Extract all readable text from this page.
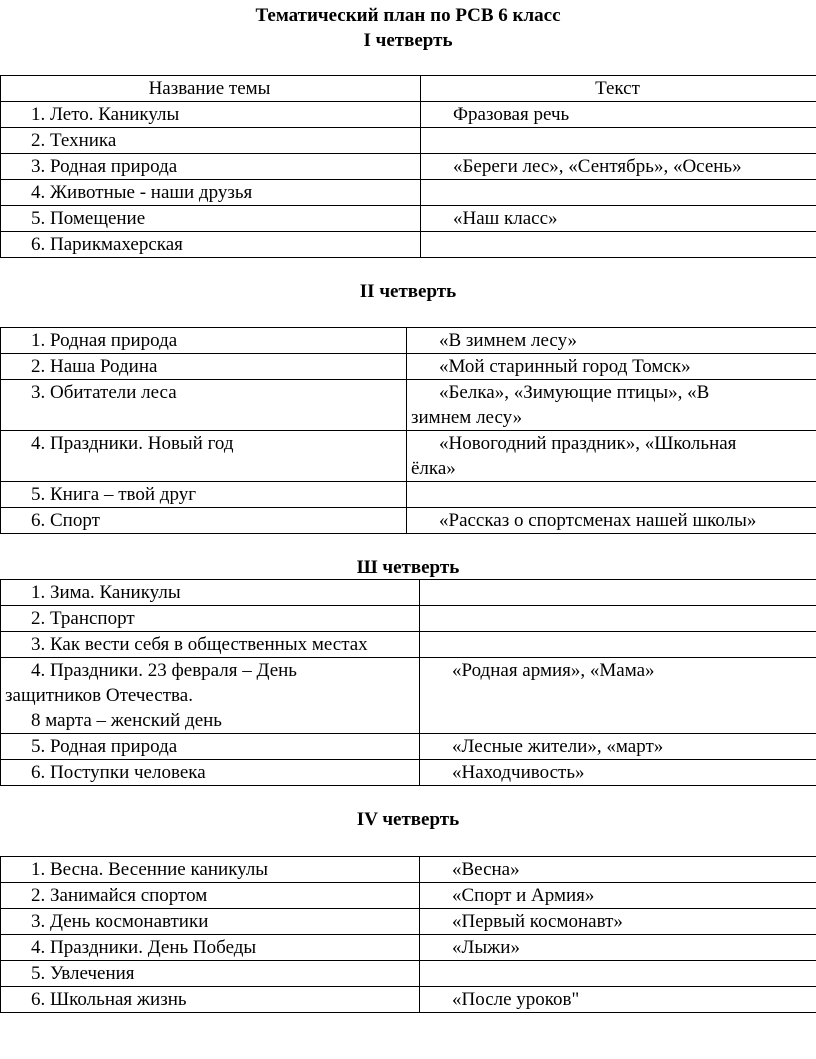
Тематический план по РСВ 6 класс
I четверть
Название темы	Текст
1. Лето. Каникулы	Фразовая речь
2. Техника	
3. Родная природа	«Береги лес», «Сентябрь», «Осень»
4. Животные - наши друзья	
5. Помещение	«Наш класс»
6. Парикмахерская	
II четверть
1. Родная природа	«В зимнем лесу»
2. Наша Родина	«Мой старинный город Томск»
3. Обитатели леса	«Белка», «Зимующие птицы», «В
зимнем лесу»
4. Праздники. Новый год	«Новогодний праздник», «Школьная
ёлка»
5. Книга – твой друг	
6. Спорт	«Рассказ о спортсменах нашей школы»
Ш четверть
1. Зима. Каникулы	
2. Транспорт	
3. Как вести себя в общественных местах	

4. Праздники. 23 февраля – День
защитников Отечества.
8 марта – женский день	«Родная армия», «Мама»
5. Родная природа	«Лесные жители», «март»
6. Поступки человека	«Находчивость»
IV четверть
1. Весна. Весенние каникулы	«Весна»
2. Занимайся спортом	«Спорт и Армия»
3. День космонавтики	«Первый космонавт»
4. Праздники. День Победы	«Лыжи»
5. Увлечения	
6. Школьная жизнь	«После уроков"
